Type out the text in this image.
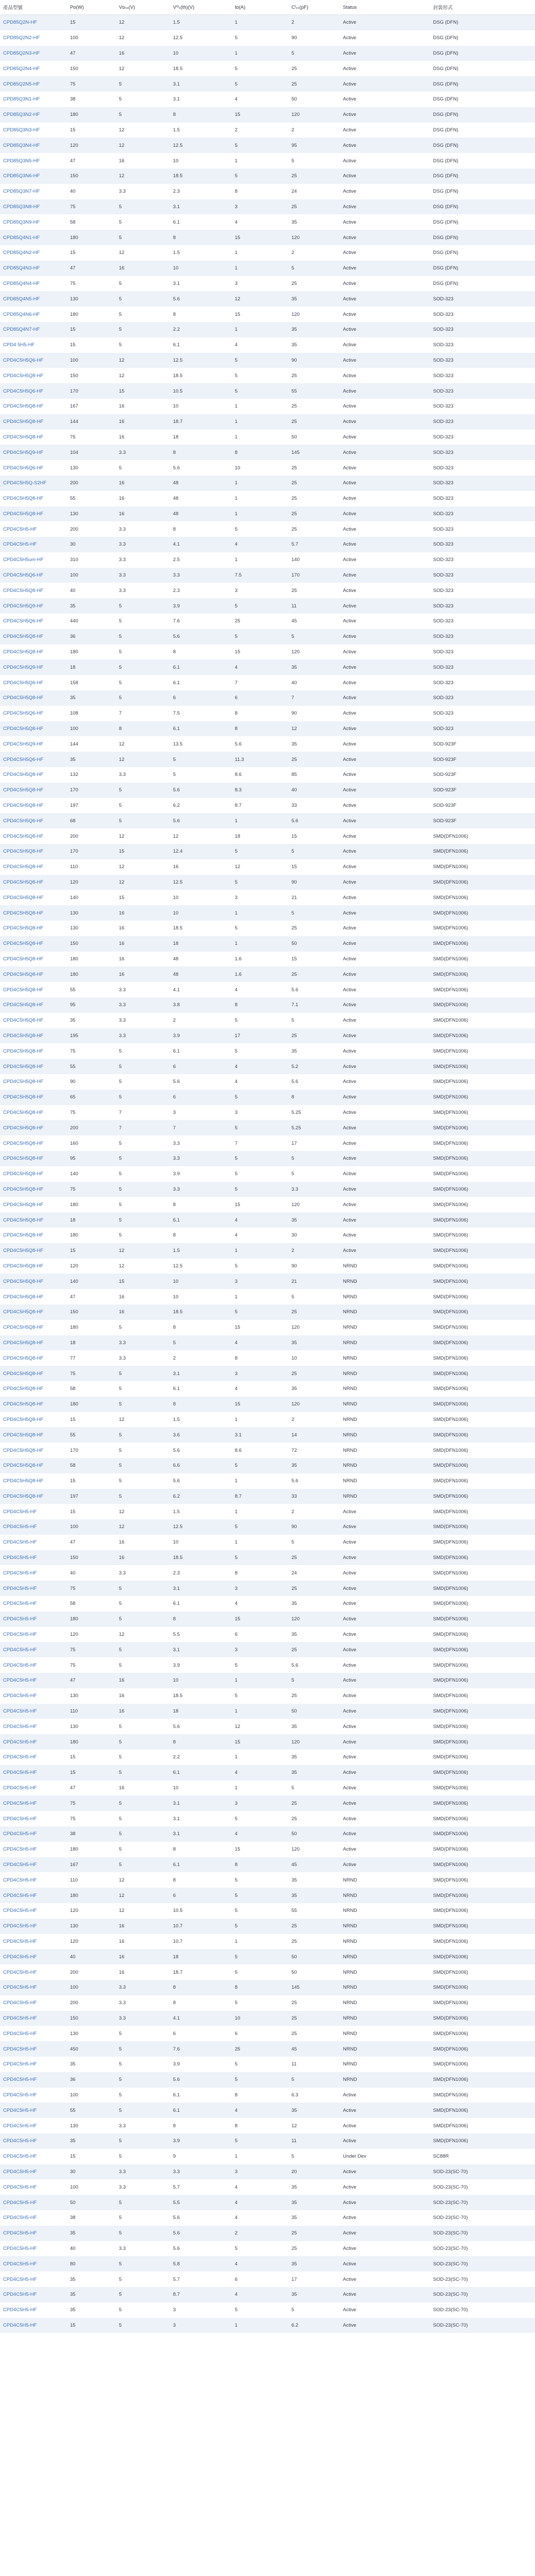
產品型號	Pᴅ(W)	Vᴅₛₛ(V)	Vᴳₛ(th)(V)	Iᴅ(A)	Cᴵₛₛ(pF)	Status	封裝形式
CPD85Q2N-HF	15	12	1.5	1	2	Active	DSG (DFN)
CPD85Q2N2-HF	100	12	12.5	5	90	Active	DSG (DFN)
CPD85Q2N3-HF	47	16	10	1	5	Active	DSG (DFN)
CPD85Q2N4-HF	150	12	18.5	5	25	Active	DSG (DFN)
CPD85Q2N5-HF	75	5	3.1	5	25	Active	DSG (DFN)
CPD85Q3N1-HF	38	5	3.1	4	50	Active	DSG (DFN)
CPD85Q3N2-HF	180	5	8	15	120	Active	DSG (DFN)
CPD85Q3N3-HF	15	12	1.5	2	2	Active	DSG (DFN)
CPD85Q3N4-HF	120	12	12.5	5	95	Active	DSG (DFN)
CPD85Q3N5-HF	47	16	10	1	5	Active	DSG (DFN)
CPD85Q3N6-HF	150	12	18.5	5	25	Active	DSG (DFN)
CPD85Q3N7-HF	40	3.3	2.3	8	24	Active	DSG (DFN)
CPD85Q3N8-HF	75	5	3.1	3	25	Active	DSG (DFN)
CPD85Q3N9-HF	58	5	6.1	4	35	Active	DSG (DFN)
CPD85Q4N1-HF	180	5	8	15	120	Active	DSG (DFN)
CPD85Q4N2-HF	15	12	1.5	1	2	Active	DSG (DFN)
CPD85Q4N3-HF	47	16	10	1	5	Active	DSG (DFN)
CPD85Q4N4-HF	75	5	3.1	3	25	Active	DSG (DFN)
CPD85Q4N5-HF	130	5	5.6	12	35	Active	SOD-323
CPD85Q4N6-HF	180	5	8	15	120	Active	SOD-323
CPD85Q4N7-HF	15	5	2.2	1	35	Active	SOD-323
CPD4 5H5-HF	15	5	6.1	4	35	Active	SOD-323
CPD4C5H5Q6-HF	100	12	12.5	5	90	Active	SOD-323
CPD4C5H5Q8-HF	150	12	18.5	5	25	Active	SOD-323
CPD4C5H5Q6-HF	170	15	10.5	5	55	Active	SOD-323
CPD4C5H5Q8-HF	167	16	10	1	25	Active	SOD-323
CPD4C5H5Q8-HF	144	16	18.7	1	25	Active	SOD-323
CPD4C5H5Q8-HF	75	16	18	1	50	Active	SOD-323
CPD4C5H5Q9-HF	104	3.3	8	8	145	Active	SOD-323
CPD4C5H5Q6-HF	130	5	5.6	10	25	Active	SOD-323
CPD4C5H5Q-S2HF	200	16	48	1	25	Active	SOD-323
CPD4C5H5Q8-HF	55	16	48	1	25	Active	SOD-323
CPD4C5H5Q8-HF	130	16	48	1	25	Active	SOD-323
CPD4C5H5-HF	200	3.3	8	5	25	Active	SOD-323
CPD4C5H5-HF	30	3.3	4.1	4	5.7	Active	SOD-323
CPD4C5H5um-HF	310	3.3	2.5	1	140	Active	SOD-323
CPD4C5H5Q6-HF	100	3.3	3.3	7.5	170	Active	SOD-323
CPD4C5H5Q8-HF	40	3.3	2.3	3	25	Active	SOD-323
CPD4C5H5Q9-HF	35	5	3.9	5	11	Active	SOD-323
CPD4C5H5Q6-HF	440	5	7.6	25	45	Active	SOD-323
CPD4C5H5Q8-HF	36	5	5.6	5	5	Active	SOD-323
CPD4C5H5Q8-HF	180	5	8	15	120	Active	SOD-323
CPD4C5H5Q9-HF	18	5	6.1	4	35	Active	SOD-323
CPD4C5H5Q6-HF	158	5	6.1	7	40	Active	SOD-323
CPD4C5H5Q8-HF	35	5	6	6	7	Active	SOD-323
CPD4C5H5Q6-HF	108	7	7.5	8	90	Active	SOD-323
CPD4C5H5Q8-HF	100	8	6.1	8	12	Active	SOD-323
CPD4C5H5Q9-HF	144	12	13.5	5.6	35	Active	SOD-923F
CPD4C5H5Q6-HF	35	12	5	11.3	25	Active	SOD-923F
CPD4C5H5Q8-HF	132	3.3	5	8.6	85	Active	SOD-923F
CPD4C5H5Q8-HF	170	5	5.6	8.3	40	Active	SOD-923F
CPD4C5H5Q8-HF	197	5	6.2	8.7	33	Active	SOD-923F
CPD4C5H5Q6-HF	68	5	5.6	1	5.6	Active	SOD-923F
CPD4C5H5Q8-HF	200	12	12	18	15	Active	SMD(DFN1006)
CPD4C5H5Q8-HF	170	15	12.4	5	5	Active	SMD(DFN1006)
CPD4C5H5Q8-HF	110	12	16	12	15	Active	SMD(DFN1006)
CPD4C5H5Q8-HF	120	12	12.5	5	90	Active	SMD(DFN1006)
CPD4C5H5Q8-HF	140	15	10	3	21	Active	SMD(DFN1006)
CPD4C5H5Q8-HF	130	16	10	1	5	Active	SMD(DFN1006)
CPD4C5H5Q8-HF	130	16	18.5	5	25	Active	SMD(DFN1006)
CPD4C5H5Q8-HF	150	16	18	1	50	Active	SMD(DFN1006)
CPD4C5H5Q8-HF	180	16	48	1.6	15	Active	SMD(DFN1006)
CPD4C5H5Q8-HF	180	16	48	1.6	25	Active	SMD(DFN1006)
CPD4C5H5Q8-HF	55	3.3	4.1	4	5.6	Active	SMD(DFN1006)
CPD4C5H5Q8-HF	95	3.3	3.8	8	7.1	Active	SMD(DFN1006)
CPD4C5H5Q8-HF	35	3.3	2	5	5	Active	SMD(DFN1006)
CPD4C5H5Q8-HF	195	3.3	3.9	17	25	Active	SMD(DFN1006)
CPD4C5H5Q8-HF	75	5	6.1	5	35	Active	SMD(DFN1006)
CPD4C5H5Q8-HF	55	5	6	4	5.2	Active	SMD(DFN1006)
CPD4C5H5Q8-HF	90	5	5.6	4	5.6	Active	SMD(DFN1006)
CPD4C5H5Q8-HF	65	5	6	5	8	Active	SMD(DFN1006)
CPD4C5H5Q8-HF	75	7	3	3	5.25	Active	SMD(DFN1006)
CPD4C5H5Q8-HF	200	7	7	5	5.25	Active	SMD(DFN1006)
CPD4C5H5Q8-HF	160	5	3.3	7	17	Active	SMD(DFN1006)
CPD4C5H5Q8-HF	95	5	3.3	5	5	Active	SMD(DFN1006)
CPD4C5H5Q8-HF	140	5	3.9	5	5	Active	SMD(DFN1006)
CPD4C5H5Q8-HF	75	5	3.3	5	3.3	Active	SMD(DFN1006)
CPD4C5H5Q8-HF	180	5	8	15	120	Active	SMD(DFN1006)
CPD4C5H5Q8-HF	18	5	6.1	4	35	Active	SMD(DFN1006)
CPD4C5H5Q8-HF	180	5	8	4	30	Active	SMD(DFN1006)
CPD4C5H5Q8-HF	15	12	1.5	1	2	Active	SMD(DFN1006)
CPD4C5H5Q8-HF	120	12	12.5	5	90	NRND	SMD(DFN1006)
CPD4C5H5Q8-HF	140	15	10	3	21	NRND	SMD(DFN1006)
CPD4C5H5Q8-HF	47	16	10	1	5	NRND	SMD(DFN1006)
CPD4C5H5Q8-HF	150	16	18.5	5	25	NRND	SMD(DFN1006)
CPD4C5H5Q8-HF	180	5	8	15	120	NRND	SMD(DFN1006)
CPD4C5H5Q8-HF	18	3.3	5	4	35	NRND	SMD(DFN1006)
CPD4C5H5Q8-HF	77	3.3	2	8	10	NRND	SMD(DFN1006)
CPD4C5H5Q8-HF	75	5	3.1	3	25	NRND	SMD(DFN1006)
CPD4C5H5Q8-HF	58	5	6.1	4	35	NRND	SMD(DFN1006)
CPD4C5H5Q8-HF	180	5	8	15	120	NRND	SMD(DFN1006)
CPD4C5H5Q8-HF	15	12	1.5	1	2	NRND	SMD(DFN1006)
CPD4C5H5Q8-HF	55	5	3.6	3.1	14	NRND	SMD(DFN1006)
CPD4C5H5Q8-HF	170	5	5.6	8.6	72	NRND	SMD(DFN1006)
CPD4C5H5Q8-HF	58	5	6.6	5	35	NRND	SMD(DFN1006)
CPD4C5H5Q8-HF	15	5	5.6	1	5.6	NRND	SMD(DFN1006)
CPD4C5H5Q8-HF	197	5	6.2	8.7	33	NRND	SMD(DFN1006)
CPD4C5H5-HF	15	12	1.5	1	2	Active	SMD(DFN1006)
CPD4C5H5-HF	100	12	12.5	5	90	Active	SMD(DFN1006)
CPD4C5H5-HF	47	16	10	1	5	Active	SMD(DFN1006)
CPD4C5H5-HF	150	16	18.5	5	25	Active	SMD(DFN1006)
CPD4C5H5-HF	40	3.3	2.3	8	24	Active	SMD(DFN1006)
CPD4C5H5-HF	75	5	3.1	3	25	Active	SMD(DFN1006)
CPD4C5H5-HF	58	5	6.1	4	35	Active	SMD(DFN1006)
CPD4C5H5-HF	180	5	8	15	120	Active	SMD(DFN1006)
CPD4C5H5-HF	120	12	5.5	6	35	Active	SMD(DFN1006)
CPD4C5H5-HF	75	5	3.1	3	25	Active	SMD(DFN1006)
CPD4C5H5-HF	75	5	3.9	5	5.6	Active	SMD(DFN1006)
CPD4C5H5-HF	47	16	10	1	5	Active	SMD(DFN1006)
CPD4C5H5-HF	130	16	18.5	5	25	Active	SMD(DFN1006)
CPD4C5H5-HF	110	16	18	1	50	Active	SMD(DFN1006)
CPD4C5H5-HF	130	5	5.6	12	35	Active	SMD(DFN1006)
CPD4C5H5-HF	180	5	8	15	120	Active	SMD(DFN1006)
CPD4C5H5-HF	15	5	2.2	1	35	Active	SMD(DFN1006)
CPD4C5H5-HF	15	5	6.1	4	35	Active	SMD(DFN1006)
CPD4C5H5-HF	47	16	10	1	5	Active	SMD(DFN1006)
CPD4C5H5-HF	75	5	3.1	3	25	Active	SMD(DFN1006)
CPD4C5H5-HF	75	5	3.1	5	25	Active	SMD(DFN1006)
CPD4C5H5-HF	38	5	3.1	4	50	Active	SMD(DFN1006)
CPD4C5H5-HF	180	5	8	15	120	Active	SMD(DFN1006)
CPD4C5H5-HF	167	5	6.1	8	45	Active	SMD(DFN1006)
CPD4C5H5-HF	110	12	8	5	35	NRND	SMD(DFN1006)
CPD4C5H5-HF	180	12	6	5	35	NRND	SMD(DFN1006)
CPD4C5H5-HF	120	12	10.5	5	55	NRND	SMD(DFN1006)
CPD4C5H5-HF	130	16	10.7	5	25	NRND	SMD(DFN1006)
CPD4C5H5-HF	120	16	10.7	1	25	NRND	SMD(DFN1006)
CPD4C5H5-HF	40	16	18	5	50	NRND	SMD(DFN1006)
CPD4C5H5-HF	200	16	18.7	5	50	NRND	SMD(DFN1006)
CPD4C5H5-HF	100	3.3	8	8	145	NRND	SMD(DFN1006)
CPD4C5H5-HF	200	3.3	8	5	25	NRND	SMD(DFN1006)
CPD4C5H5-HF	150	3.3	4.1	10	25	NRND	SMD(DFN1006)
CPD4C5H5-HF	130	5	6	6	25	NRND	SMD(DFN1006)
CPD4C5H5-HF	450	5	7.6	25	45	NRND	SMD(DFN1006)
CPD4C5H5-HF	35	5	3.9	5	11	NRND	SMD(DFN1006)
CPD4C5H5-HF	36	5	5.6	5	5	NRND	SMD(DFN1006)
CPD4C5H5-HF	100	5	6.1	8	6.3	Active	SMD(DFN1006)
CPD4C5H5-HF	55	5	6.1	4	35	Active	SMD(DFN1006)
CPD4C5H5-HF	130	3.3	8	8	12	Active	SMD(DFN1006)
CPD4C5H5-HF	35	5	3.9	5	11	Active	SMD(DFN1006)
CPD4C5H5-HF	15	5	9	1	5	Under Dev	SC88R
CPD4C5H5-HF	30	3.3	3.3	3	20	Active	SOD-23(SC-70)
CPD4C5H5-HF	100	3.3	5.7	4	35	Active	SOD-23(SC-70)
CPD4C5H5-HF	50	5	5.5	4	35	Active	SOD-23(SC-70)
CPD4C5H5-HF	38	5	5.6	4	35	Active	SOD-23(SC-70)
CPD4C5H5-HF	35	5	5.6	2	25	Active	SOD-23(SC-70)
CPD4C5H5-HF	40	3.3	5.6	5	25	Active	SOD-23(SC-70)
CPD4C5H5-HF	80	5	5.8	4	35	Active	SOD-23(SC-70)
CPD4C5H5-HF	35	5	5.7	6	17	Active	SOD-23(SC-70)
CPD4C5H5-HF	35	5	8.7	4	35	Active	SOD-23(SC-70)
CPD4C5H5-HF	35	5	3	5	5	Active	SOD-23(SC-70)
CPD4C5H5-HF	15	5	3	1	6.2	Active	SOD-23(SC-70)
